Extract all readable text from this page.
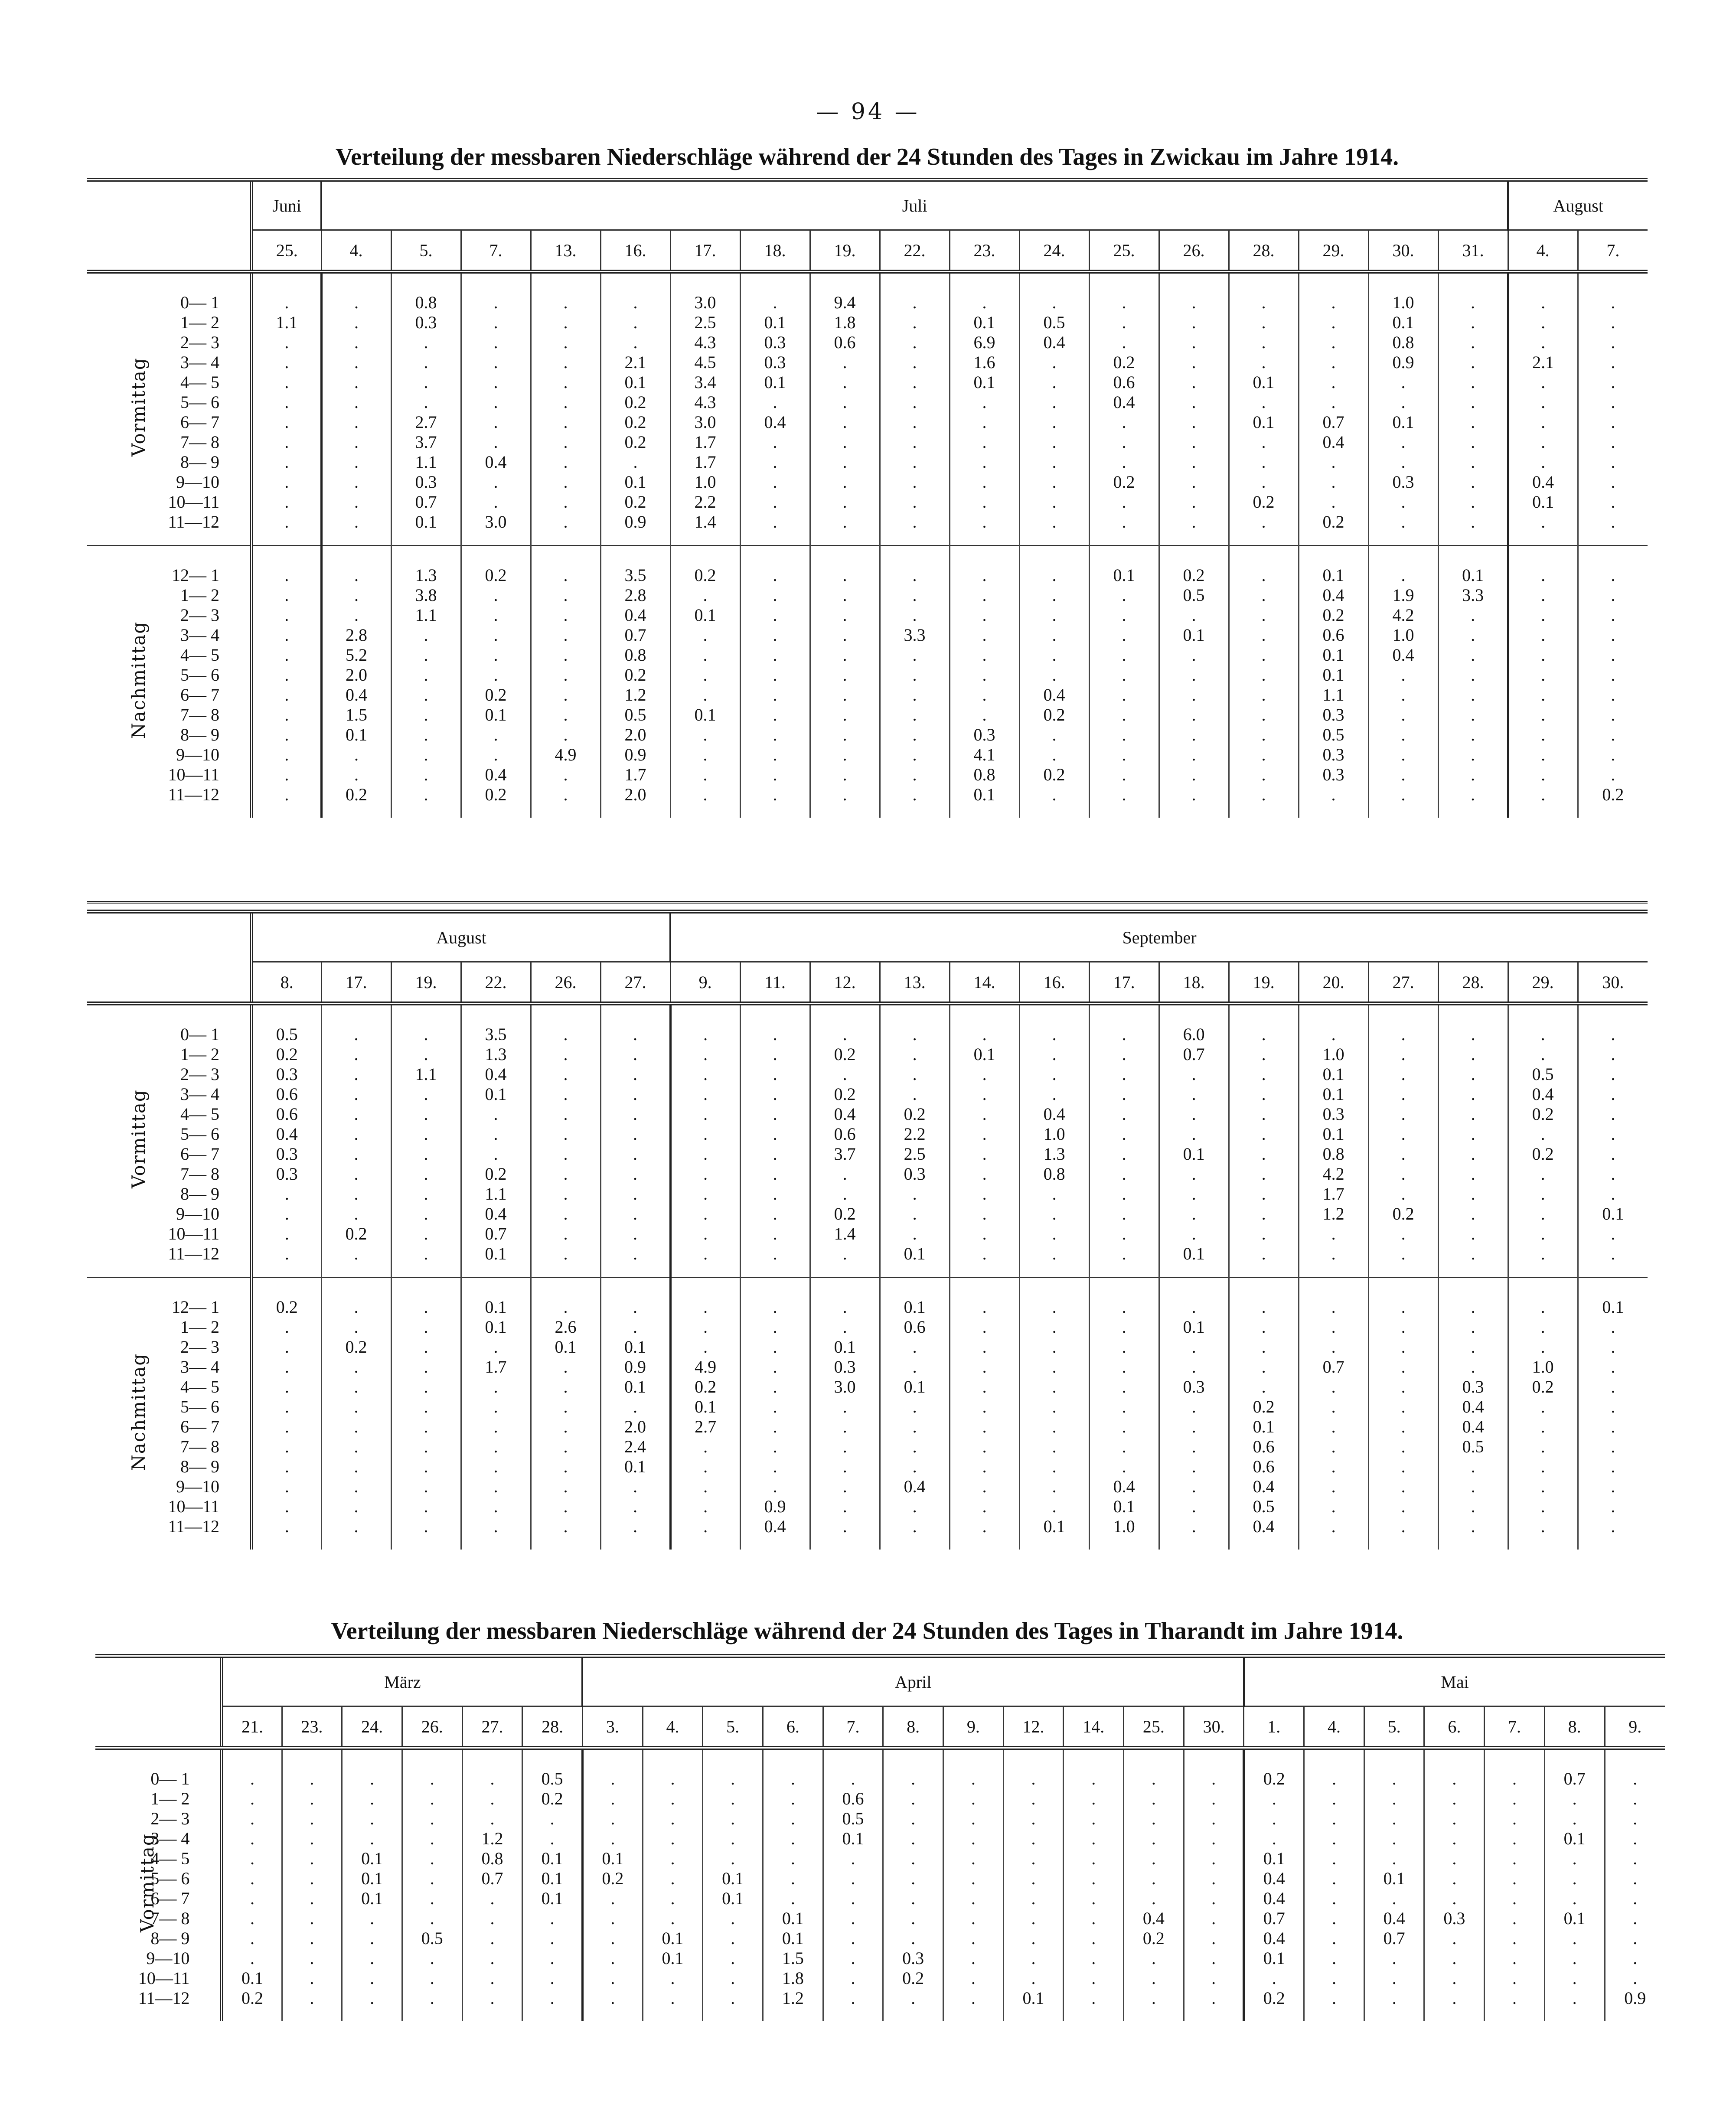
— 94 —
Verteilung der messbaren Niederschläge während der 24 Stunden des Tages in Zwickau im Jahre 1914.
	Juni	Juli																	August	
	25.	4.	5.	7.	13.	16.	17.	18.	19.	22.	23.	24.	25.	26.	28.	29.	30.	31.	4.	7.
0— 1	.	.	0.8	.	.	.	3.0	.	9.4	.	.	.	.	.	.	.	1.0	.	.	.
1— 2	1.1	.	0.3	.	.	.	2.5	0.1	1.8	.	0.1	0.5	.	.	.	.	0.1	.	.	.
2— 3	.	.	.	.	.	.	4.3	0.3	0.6	.	6.9	0.4	.	.	.	.	0.8	.	.	.
3— 4	.	.	.	.	.	2.1	4.5	0.3	.	.	1.6	.	0.2	.	.	.	0.9	.	2.1	.
4— 5	.	.	.	.	.	0.1	3.4	0.1	.	.	0.1	.	0.6	.	0.1	.	.	.	.	.
5— 6	.	.	.	.	.	0.2	4.3	.	.	.	.	.	0.4	.	.	.	.	.	.	.
6— 7	.	.	2.7	.	.	0.2	3.0	0.4	.	.	.	.	.	.	0.1	0.7	0.1	.	.	.
7— 8	.	.	3.7	.	.	0.2	1.7	.	.	.	.	.	.	.	.	0.4	.	.	.	.
8— 9	.	.	1.1	0.4	.	.	1.7	.	.	.	.	.	.	.	.	.	.	.	.	.
9—10	.	.	0.3	.	.	0.1	1.0	.	.	.	.	.	0.2	.	.	.	0.3	.	0.4	.
10—11	.	.	0.7	.	.	0.2	2.2	.	.	.	.	.	.	.	0.2	.	.	.	0.1	.
11—12	.	.	0.1	3.0	.	0.9	1.4	.	.	.	.	.	.	.	.	0.2	.	.	.	.
12— 1	.	.	1.3	0.2	.	3.5	0.2	.	.	.	.	.	0.1	0.2	.	0.1	.	0.1	.	.
1— 2	.	.	3.8	.	.	2.8	.	.	.	.	.	.	.	0.5	.	0.4	1.9	3.3	.	.
2— 3	.	.	1.1	.	.	0.4	0.1	.	.	.	.	.	.	.	.	0.2	4.2	.	.	.
3— 4	.	2.8	.	.	.	0.7	.	.	.	3.3	.	.	.	0.1	.	0.6	1.0	.	.	.
4— 5	.	5.2	.	.	.	0.8	.	.	.	.	.	.	.	.	.	0.1	0.4	.	.	.
5— 6	.	2.0	.	.	.	0.2	.	.	.	.	.	.	.	.	.	0.1	.	.	.	.
6— 7	.	0.4	.	0.2	.	1.2	.	.	.	.	.	0.4	.	.	.	1.1	.	.	.	.
7— 8	.	1.5	.	0.1	.	0.5	0.1	.	.	.	.	0.2	.	.	.	0.3	.	.	.	.
8— 9	.	0.1	.	.	.	2.0	.	.	.	.	0.3	.	.	.	.	0.5	.	.	.	.
9—10	.	.	.	.	4.9	0.9	.	.	.	.	4.1	.	.	.	.	0.3	.	.	.	.
10—11	.	.	.	0.4	.	1.7	.	.	.	.	0.8	0.2	.	.	.	0.3	.	.	.	.
11—12	.	0.2	.	0.2	.	2.0	.	.	.	.	0.1	.	.	.	.	.	.	.	.	0.2
	August						September													
	8.	17.	19.	22.	26.	27.	9.	11.	12.	13.	14.	16.	17.	18.	19.	20.	27.	28.	29.	30.
0— 1	0.5	.	.	3.5	.	.	.	.	.	.	.	.	.	6.0	.	.	.	.	.	.
1— 2	0.2	.	.	1.3	.	.	.	.	0.2	.	0.1	.	.	0.7	.	1.0	.	.	.	.
2— 3	0.3	.	1.1	0.4	.	.	.	.	.	.	.	.	.	.	.	0.1	.	.	0.5	.
3— 4	0.6	.	.	0.1	.	.	.	.	0.2	.	.	.	.	.	.	0.1	.	.	0.4	.
4— 5	0.6	.	.	.	.	.	.	.	0.4	0.2	.	0.4	.	.	.	0.3	.	.	0.2	.
5— 6	0.4	.	.	.	.	.	.	.	0.6	2.2	.	1.0	.	.	.	0.1	.	.	.	.
6— 7	0.3	.	.	.	.	.	.	.	3.7	2.5	.	1.3	.	0.1	.	0.8	.	.	0.2	.
7— 8	0.3	.	.	0.2	.	.	.	.	.	0.3	.	0.8	.	.	.	4.2	.	.	.	.
8— 9	.	.	.	1.1	.	.	.	.	.	.	.	.	.	.	.	1.7	.	.	.	.
9—10	.	.	.	0.4	.	.	.	.	0.2	.	.	.	.	.	.	1.2	0.2	.	.	0.1
10—11	.	0.2	.	0.7	.	.	.	.	1.4	.	.	.	.	.	.	.	.	.	.	.
11—12	.	.	.	0.1	.	.	.	.	.	0.1	.	.	.	0.1	.	.	.	.	.	.
12— 1	0.2	.	.	0.1	.	.	.	.	.	0.1	.	.	.	.	.	.	.	.	.	0.1
1— 2	.	.	.	0.1	2.6	.	.	.	.	0.6	.	.	.	0.1	.	.	.	.	.	.
2— 3	.	0.2	.	.	0.1	0.1	.	.	0.1	.	.	.	.	.	.	.	.	.	.	.
3— 4	.	.	.	1.7	.	0.9	4.9	.	0.3	.	.	.	.	.	.	0.7	.	.	1.0	.
4— 5	.	.	.	.	.	0.1	0.2	.	3.0	0.1	.	.	.	0.3	.	.	.	0.3	0.2	.
5— 6	.	.	.	.	.	.	0.1	.	.	.	.	.	.	.	0.2	.	.	0.4	.	.
6— 7	.	.	.	.	.	2.0	2.7	.	.	.	.	.	.	.	0.1	.	.	0.4	.	.
7— 8	.	.	.	.	.	2.4	.	.	.	.	.	.	.	.	0.6	.	.	0.5	.	.
8— 9	.	.	.	.	.	0.1	.	.	.	.	.	.	.	.	0.6	.	.	.	.	.
9—10	.	.	.	.	.	.	.	.	.	0.4	.	.	0.4	.	0.4	.	.	.	.	.
10—11	.	.	.	.	.	.	.	0.9	.	.	.	.	0.1	.	0.5	.	.	.	.	.
11—12	.	.	.	.	.	.	.	0.4	.	.	.	0.1	1.0	.	0.4	.	.	.	.	.
Verteilung der messbaren Niederschläge während der 24 Stunden des Tages in Tharandt im Jahre 1914.
	März						April											Mai						
	21.	23.	24.	26.	27.	28.	3.	4.	5.	6.	7.	8.	9.	12.	14.	25.	30.	1.	4.	5.	6.	7.	8.	9.
0— 1	.	.	.	.	.	0.5	.	.	.	.	.	.	.	.	.	.	.	0.2	.	.	.	.	0.7	.
1— 2	.	.	.	.	.	0.2	.	.	.	.	0.6	.	.	.	.	.	.	.	.	.	.	.	.	.
2— 3	.	.	.	.	.	.	.	.	.	.	0.5	.	.	.	.	.	.	.	.	.	.	.	.	.
3— 4	.	.	.	.	1.2	.	.	.	.	.	0.1	.	.	.	.	.	.	.	.	.	.	.	0.1	.
4— 5	.	.	0.1	.	0.8	0.1	0.1	.	.	.	.	.	.	.	.	.	.	0.1	.	.	.	.	.	.
5— 6	.	.	0.1	.	0.7	0.1	0.2	.	0.1	.	.	.	.	.	.	.	.	0.4	.	0.1	.	.	.	.
6— 7	.	.	0.1	.	.	0.1	.	.	0.1	.	.	.	.	.	.	.	.	0.4	.	.	.	.	.	.
7— 8	.	.	.	.	.	.	.	.	.	0.1	.	.	.	.	.	0.4	.	0.7	.	0.4	0.3	.	0.1	.
8— 9	.	.	.	0.5	.	.	.	0.1	.	0.1	.	.	.	.	.	0.2	.	0.4	.	0.7	.	.	.	.
9—10	.	.	.	.	.	.	.	0.1	.	1.5	.	0.3	.	.	.	.	.	0.1	.	.	.	.	.	.
10—11	0.1	.	.	.	.	.	.	.	.	1.8	.	0.2	.	.	.	.	.	.	.	.	.	.	.	.
11—12	0.2	.	.	.	.	.	.	.	.	1.2	.	.	.	0.1	.	.	.	0.2	.	.	.	.	.	0.9
Vormittag
Nachmittag
Vormittag
Nachmittag
Vormittag
